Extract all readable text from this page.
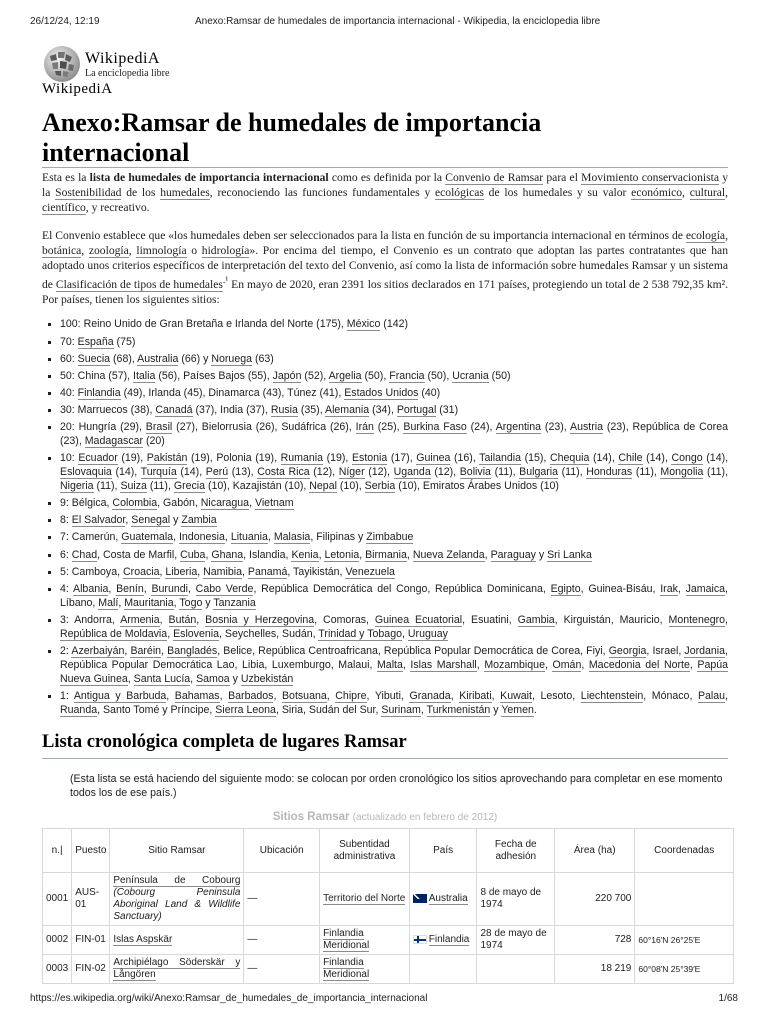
26/12/24, 12:19	Anexo:Ramsar de humedales de importancia internacional - Wikipedia, la enciclopedia libre
WikipediA
La enciclopedia libre
WikipediA
Anexo:Ramsar de humedales de importancia internacional

Esta es la lista de humedales de importancia internacional como es definida por la Convenio de Ramsar para el Movimiento conservacionista y la Sostenibilidad de los humedales, reconociendo las funciones fundamentales y ecológicas de los humedales y su valor económico, cultural, científico, y recreativo.

El Convenio establece que «los humedales deben ser seleccionados para la lista en función de su importancia internacional en términos de ecología, botánica, zoología, limnología o hidrología». Por encima del tiempo, el Convenio es un contrato que adoptan las partes contratantes que han adoptado unos criterios específicos de interpretación del texto del Convenio, así como la lista de información sobre humedales Ramsar y un sistema de Clasificación de tipos de humedales$^{.^1}$ En mayo de 2020, eran 2391 los sitios declarados en 171 países, protegiendo un total de 2 538 792,35 km². Por países, tienen los siguientes sitios:

100: Reino Unido de Gran Bretaña e Irlanda del Norte (175), México (142)
70: España (75)
60: Suecia (68), Australia (66) y Noruega (63)
50: China (57), Italia (56), Países Bajos (55), Japón (52), Argelia (50), Francia (50), Ucrania (50)
40: Finlandia (49), Irlanda (45), Dinamarca (43), Túnez (41), Estados Unidos (40)
30: Marruecos (38), Canadá (37), India (37), Rusia (35), Alemania (34), Portugal (31)
20: Hungría (29), Brasil (27), Bielorrusia (26), Sudáfrica (26), Irán (25), Burkina Faso (24), Argentina (23), Austria (23), República de Corea (23), Madagascar (20)
10: Ecuador (19), Pakistán (19), Polonia (19), Rumania (19), Estonia (17), Guinea (16), Tailandia (15), Chequia (14), Chile (14), Congo (14), Eslovaquia (14), Turquía (14), Perú (13), Costa Rica (12), Níger (12), Uganda (12), Bolivia (11), Bulgaria (11), Honduras (11), Mongolia (11), Nigeria (11), Suiza (11), Grecia (10), Kazajistán (10), Nepal (10), Serbia (10), Emiratos Árabes Unidos (10)
9: Bélgica, Colombia, Gabón, Nicaragua, Vietnam
8: El Salvador, Senegal y Zambia
7: Camerún, Guatemala, Indonesia, Lituania, Malasia, Filipinas y Zimbabue
6: Chad, Costa de Marfil, Cuba, Ghana, Islandia, Kenia, Letonia, Birmania, Nueva Zelanda, Paraguay y Sri Lanka
5: Camboya, Croacia, Liberia, Namibia, Panamá, Tayikistán, Venezuela
4: Albania, Benín, Burundi, Cabo Verde, República Democrática del Congo, República Dominicana, Egipto, Guinea-Bisáu, Irak, Jamaica, Líbano, Malí, Mauritania, Togo y Tanzania
3: Andorra, Armenia, Bután, Bosnia y Herzegovina, Comoras, Guinea Ecuatorial, Esuatini, Gambia, Kirguistán, Mauricio, Montenegro, República de Moldavia, Eslovenia, Seychelles, Sudán, Trinidad y Tobago, Uruguay
2: Azerbaiyán, Baréin, Bangladés, Belice, República Centroafricana, República Popular Democrática de Corea, Fiyi, Georgia, Israel, Jordania, República Popular Democrática Lao, Libia, Luxemburgo, Malaui, Malta, Islas Marshall, Mozambique, Omán, Macedonia del Norte, Papúa Nueva Guinea, Santa Lucía, Samoa y Uzbekistán
1: Antigua y Barbuda, Bahamas, Barbados, Botsuana, Chipre, Yibuti, Granada, Kiribati, Kuwait, Lesoto, Liechtenstein, Mónaco, Palau, Ruanda, Santo Tomé y Príncipe, Sierra Leona, Siria, Sudán del Sur, Surinam, Turkmenistán y Yemen.
Lista cronológica completa de lugares Ramsar
(Esta lista se está haciendo del siguiente modo: se colocan por orden cronológico los sitios aprovechando para completar en ese momento todos los de ese país.)
Sitios Ramsar (actualizado en febrero de 2012)
n.|	Puesto	Sitio Ramsar	Ubicación	Subentidad administrativa	País	Fecha de adhesión	Área (ha)	Coordenadas
0001	AUS-01	Península de Cobourg (Cobourg Peninsula Aboriginal Land & Wildlife Sanctuary)	—	Territorio del Norte	Australia	8 de mayo de 1974	220 700	
0002	FIN-01	Islas Aspskär	—	Finlandia Meridional	Finlandia	28 de mayo de 1974	728	60°16′N 26°25′E
0003	FIN-02	Archipiélago Söderskär y Långören	—	Finlandia Meridional			18 219	60°08′N 25°39′E
https://es.wikipedia.org/wiki/Anexo:Ramsar_de_humedales_de_importancia_internacional	1/68
